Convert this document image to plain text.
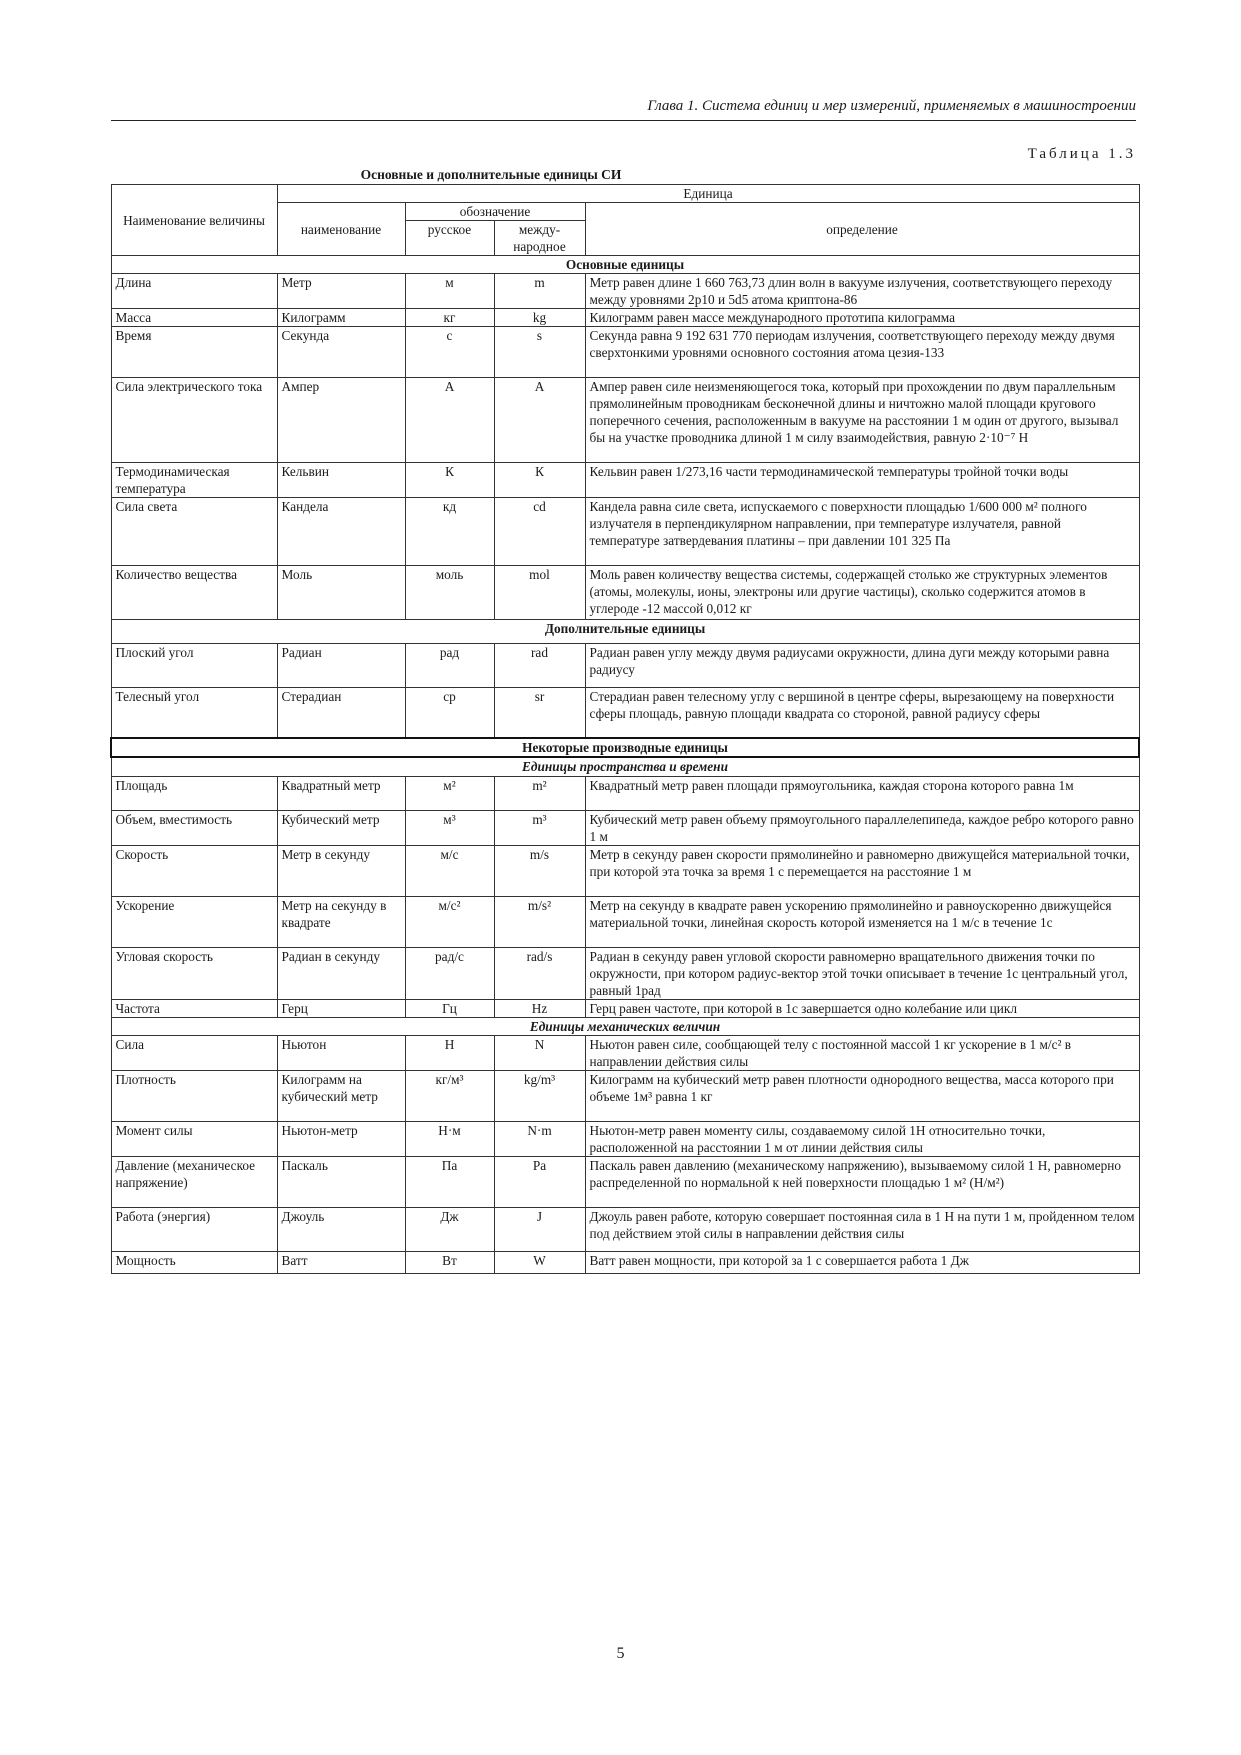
Глава 1. Система единиц и мер измерений, применяемых в машиностроении
Таблица 1.3
Основные и дополнительные единицы СИ
Наименование величины	Единица			
	наименование	обозначение		определение
		русское	между-народное	
Основные единицы				
Длина	Метр	м	m	Метр равен длине 1 660 763,73 длин волн в вакууме излучения, соответствующего переходу между уровнями 2p10 и 5d5 атома криптона-86
Масса	Килограмм	кг	kg	Килограмм равен массе международного прототипа килограмма
Время	Секунда	с	s	Секунда равна 9 192 631 770 периодам излучения, соответствующего переходу между двумя сверхтонкими уровнями основного состояния атома цезия-133
Сила электрического тока	Ампер	А	А	Ампер равен силе неизменяющегося тока, который при прохождении по двум параллельным прямолинейным проводникам бесконечной длины и ничтожно малой площади кругового поперечного сечения, расположенным в вакууме на расстоянии 1 м один от другого, вызывал бы на участке проводника длиной 1 м силу взаимодействия, равную 2·10⁻⁷ Н
Термодинамическая температура	Кельвин	К	К	Кельвин равен 1/273,16 части термодинамической температуры тройной точки воды
Сила света	Кандела	кд	cd	Кандела равна силе света, испускаемого с поверхности площадью 1/600 000 м² полного излучателя в перпендикулярном направлении, при температуре излучателя, равной температуре затвердевания платины – при давлении 101 325 Па
Количество вещества	Моль	моль	mol	Моль равен количеству вещества системы, содержащей столько же структурных элементов (атомы, молекулы, ионы, электроны или другие частицы), сколько содержится атомов в углероде -12 массой 0,012 кг
Дополнительные единицы				
Плоский угол	Радиан	рад	rad	Радиан равен углу между двумя радиусами окружности, длина дуги между которыми равна радиусу
Телесный угол	Стерадиан	ср	sr	Стерадиан равен телесному углу с вершиной в центре сферы, вырезающему на поверхности сферы площадь, равную площади квадрата со стороной, равной радиусу сферы
Некоторые производные единицы				
Единицы пространства и времени				
Площадь	Квадратный метр	м²	m²	Квадратный метр равен площади прямоугольника, каждая сторона которого равна 1м
Объем, вместимость	Кубический метр	м³	m³	Кубический метр равен объему прямоугольного параллелепипеда, каждое ребро которого равно 1 м
Скорость	Метр в секунду	м/с	m/s	Метр в секунду равен скорости прямолинейно и равномерно движущейся материальной точки, при которой эта точка за время 1 с перемещается на расстояние 1 м
Ускорение	Метр на секунду в квадрате	м/с²	m/s²	Метр на секунду в квадрате равен ускорению прямолинейно и равноускоренно движущейся материальной точки, линейная скорость которой изменяется на 1 м/с в течение 1с
Угловая скорость	Радиан в секунду	рад/с	rad/s	Радиан в секунду равен угловой скорости равномерно вращательного движения точки по окружности, при котором радиус-вектор этой точки описывает в течение 1с центральный угол, равный 1рад
Частота	Герц	Гц	Hz	Герц равен частоте, при которой в 1с завершается одно колебание или цикл
Единицы механических величин				
Сила	Ньютон	Н	N	Ньютон равен силе, сообщающей телу с постоянной массой 1 кг ускорение в 1 м/с² в направлении действия силы
Плотность	Килограмм на кубический метр	кг/м³	kg/m³	Килограмм на кубический метр равен плотности однородного вещества, масса которого при объеме 1м³ равна 1 кг
Момент силы	Ньютон-метр	Н·м	N·m	Ньютон-метр равен моменту силы, создаваемому силой 1Н относительно точки, расположенной на расстоянии 1 м от линии действия силы
Давление (механическое напряжение)	Паскаль	Па	Pa	Паскаль равен давлению (механическому напряжению), вызываемому силой 1 Н, равномерно распределенной по нормальной к ней поверхности площадью 1 м² (Н/м²)
Работа (энергия)	Джоуль	Дж	J	Джоуль равен работе, которую совершает постоянная сила в 1 Н на пути 1 м, пройденном телом под действием этой силы в направлении действия силы
Мощность	Ватт	Вт	W	Ватт равен мощности, при которой за 1 с совершается работа 1 Дж
5
